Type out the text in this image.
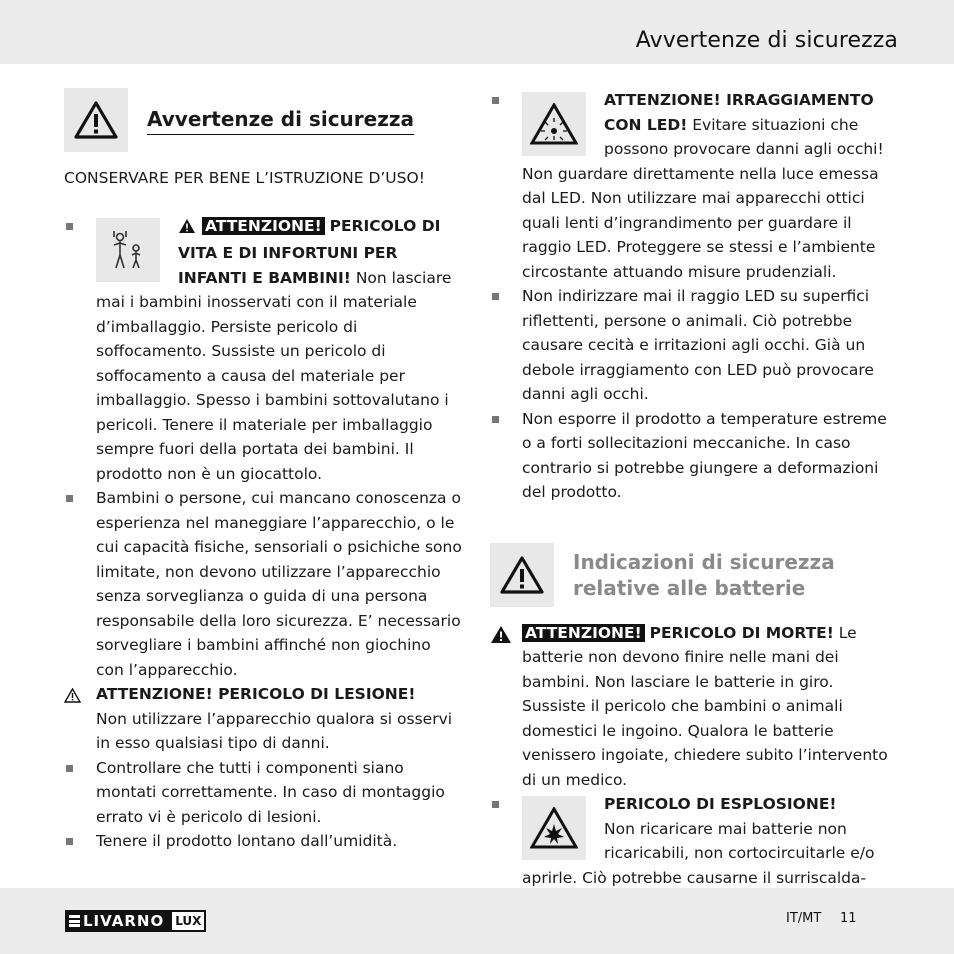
Avvertenze di sicurezza
Avvertenze di sicurezza
CONSERVARE PER BENE L’ISTRUZIONE D’USO!
ATTENZIONE! PERICOLO DI VITA E DI INFORTUNI PER INFANTI E BAMBINI! Non lasciare mai i bambini inosservati con il materiale d’imballaggio. Persiste pericolo di soffocamento. Sussiste un pericolo di soffocamento a causa del materiale per imballaggio. Spesso i bambini sottovalutano i pericoli. Tenere il materiale per imballaggio sempre fuori della portata dei bambini. Il prodotto non è un giocattolo.
Bambini o persone, cui mancano conoscenza o esperienza nel maneggiare l’apparecchio, o le cui capacità fisiche, sensoriali o psichiche sono limitate, non devono utilizzare l’apparecchio senza sorveglianza o guida di una persona responsabile della loro sicurezza. E’ necessario sorvegliare i bambini affinché non giochino con l’apparecchio.
ATTENZIONE! PERICOLO DI LESIONE!
Non utilizzare l’apparecchio qualora si osservi in esso qualsiasi tipo di danni.
Controllare che tutti i componenti siano montati correttamente. In caso di montaggio errato vi è pericolo di lesioni.
Tenere il prodotto lontano dall’umidità.
ATTENZIONE! IRRAGGIAMENTO CON LED! Evitare situazioni che possono provocare danni agli occhi! Non guardare direttamente nella luce emessa dal LED. Non utilizzare mai apparecchi ottici quali lenti d’ingrandimento per guardare il raggio LED. Proteggere se stessi e l’ambiente circostante attuando misure prudenziali.
Non indirizzare mai il raggio LED su superfici riflettenti, persone o animali. Ciò potrebbe causare cecità e irritazioni agli occhi. Già un debole irraggiamento con LED può provocare danni agli occhi.
Non esporre il prodotto a temperature estreme o a forti sollecitazioni meccaniche. In caso contrario si potrebbe giungere a deformazioni del prodotto.
Indicazioni di sicurezza relative alle batterie
ATTENZIONE! PERICOLO DI MORTE! Le batterie non devono finire nelle mani dei bambini. Non lasciare le batterie in giro. Sussiste il pericolo che bambini o animali domestici le ingoino. Qualora le batterie venissero ingoiate, chiedere subito l’intervento di un medico.
PERICOLO DI ESPLOSIONE!
Non ricaricare mai batterie non ricaricabili, non cortocircuitarle e/o aprirle. Ciò potrebbe causarne il surriscalda-
LIVARNO LUX	IT/MT 11
